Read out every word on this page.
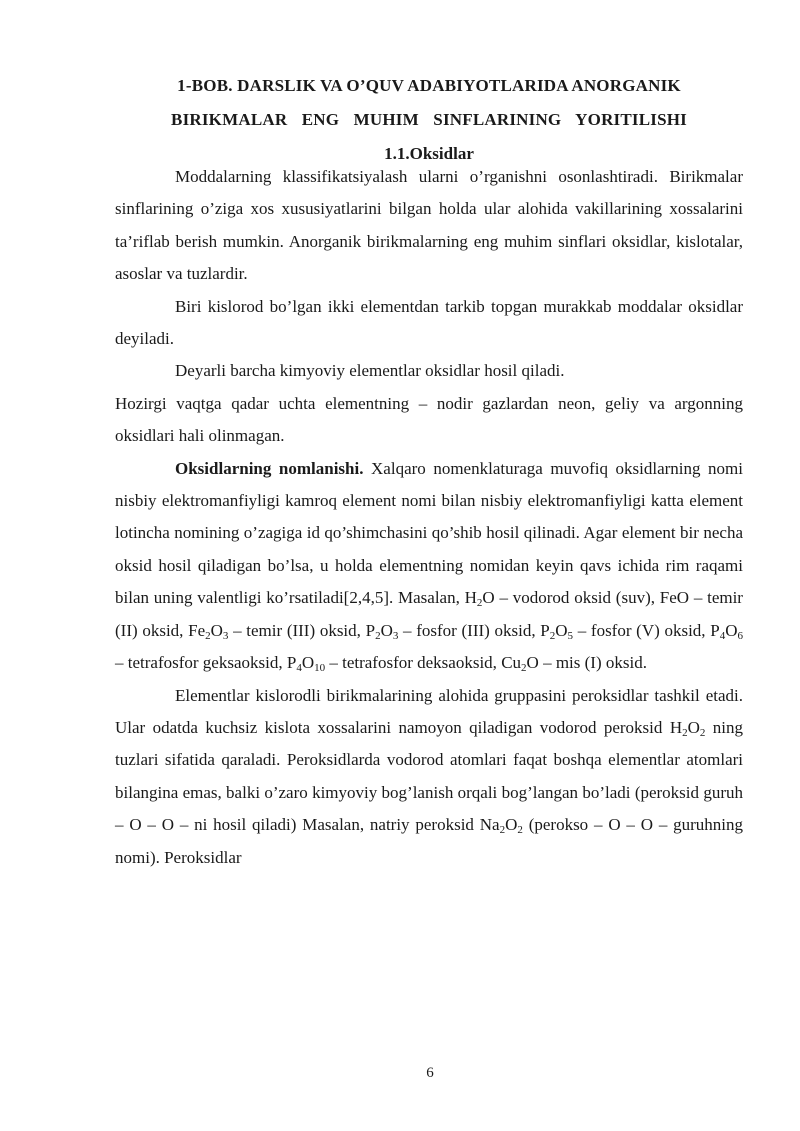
1-BOB. DARSLIK VA O’QUV ADABIYOTLARIDA ANORGANIK
BIRIKMALAR ENG MUHIM SINFLARINING YORITILISHI
1.1.Oksidlar

Moddalarning klassifikatsiyalash ularni o’rganishni osonlashtiradi. Birikmalar sinflarining o’ziga xos xususiyatlarini bilgan holda ular alohida vakillarining xossalarini ta’riflab berish mumkin. Anorganik birikmalarning eng muhim sinflari oksidlar, kislotalar, asoslar va tuzlardir.

Biri kislorod bo’lgan ikki elementdan tarkib topgan murakkab moddalar oksidlar deyiladi.

Deyarli barcha kimyoviy elementlar oksidlar hosil qiladi.

Hozirgi vaqtga qadar uchta elementning – nodir gazlardan neon, geliy va argonning oksidlari hali olinmagan.

Oksidlarning nomlanishi. Xalqaro nomenklaturaga muvofiq oksidlarning nomi nisbiy elektromanfiyligi kamroq element nomi bilan nisbiy elektromanfiyligi katta element lotincha nomining o’zagiga id qo’shimchasini qo’shib hosil qilinadi. Agar element bir necha oksid hosil qiladigan bo’lsa, u holda elementning nomidan keyin qavs ichida rim raqami bilan uning valentligi ko’rsatiladi[2,4,5]. Masalan, $H_2O$ – vodorod oksid (suv), FeO – temir (II) oksid, $Fe_2O_3$ – temir (III) oksid, $P_2O_3$ – fosfor (III) oksid, $P_2O_5$ – fosfor (V) oksid, $P_4O_6$ – tetrafosfor geksaoksid, $P_4O_{10}$ – tetrafosfor deksaoksid, $Cu_2O$ – mis (I) oksid.

Elementlar kislorodli birikmalarining alohida gruppasini peroksidlar tashkil etadi. Ular odatda kuchsiz kislota xossalarini namoyon qiladigan vodorod peroksid $H_2O_2$ ning tuzlari sifatida qaraladi. Peroksidlarda vodorod atomlari faqat boshqa elementlar atomlari bilangina emas, balki o’zaro kimyoviy bog’lanish orqali bog’langan bo’ladi (peroksid guruh – O – O – ni hosil qiladi) Masalan, natriy peroksid $Na_2O_2$ (perokso – O – O – guruhning nomi). Peroksidlar

6
